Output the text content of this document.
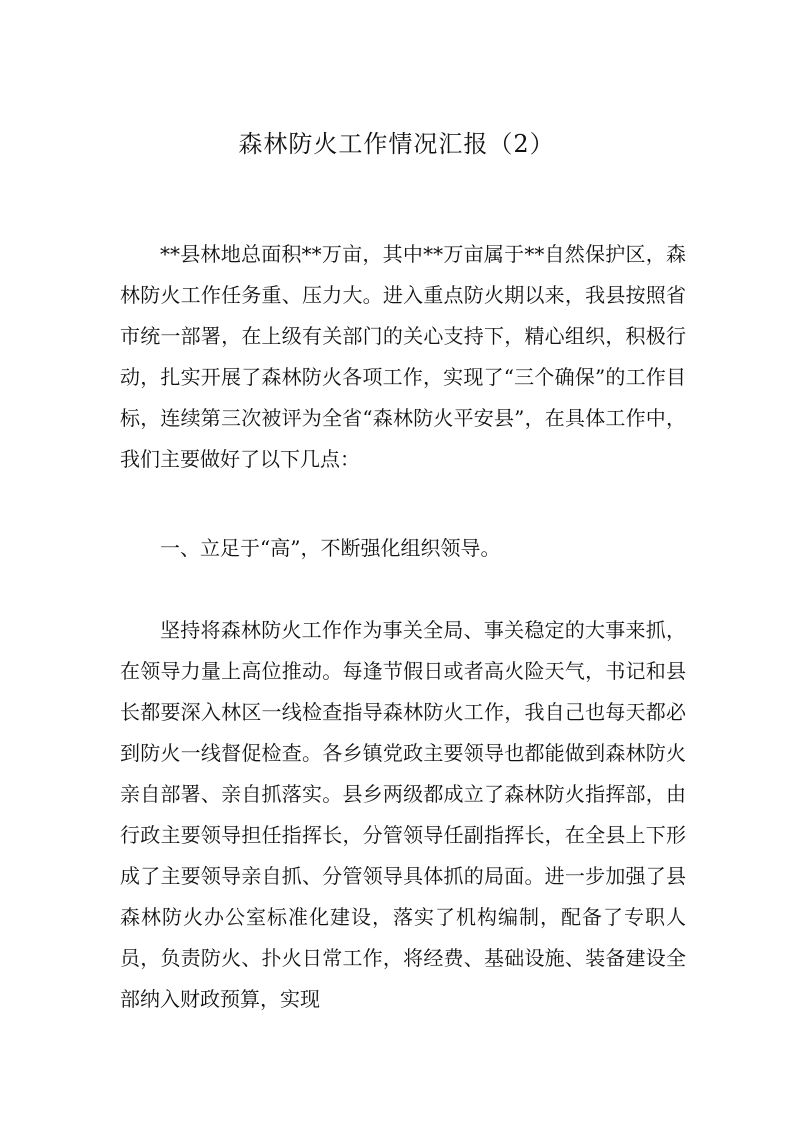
森林防火工作情况汇报（2）

**县林地总面积**万亩，其中**万亩属于**自然保护区，森林防火工作任务重、压力大。进入重点防火期以来，我县按照省市统一部署，在上级有关部门的关心支持下，精心组织，积极行动，扎实开展了森林防火各项工作，实现了“三个确保”的工作目标，连续第三次被评为全省“森林防火平安县”，在具体工作中，我们主要做好了以下几点：

一、立足于“高”，不断强化组织领导。

坚持将森林防火工作作为事关全局、事关稳定的大事来抓，在领导力量上高位推动。每逢节假日或者高火险天气，书记和县长都要深入林区一线检查指导森林防火工作，我自己也每天都必到防火一线督促检查。各乡镇党政主要领导也都能做到森林防火亲自部署、亲自抓落实。县乡两级都成立了森林防火指挥部，由行政主要领导担任指挥长，分管领导任副指挥长，在全县上下形成了主要领导亲自抓、分管领导具体抓的局面。进一步加强了县森林防火办公室标准化建设，落实了机构编制，配备了专职人员，负责防火、扑火日常工作，将经费、基础设施、装备建设全部纳入财政预算，实现
